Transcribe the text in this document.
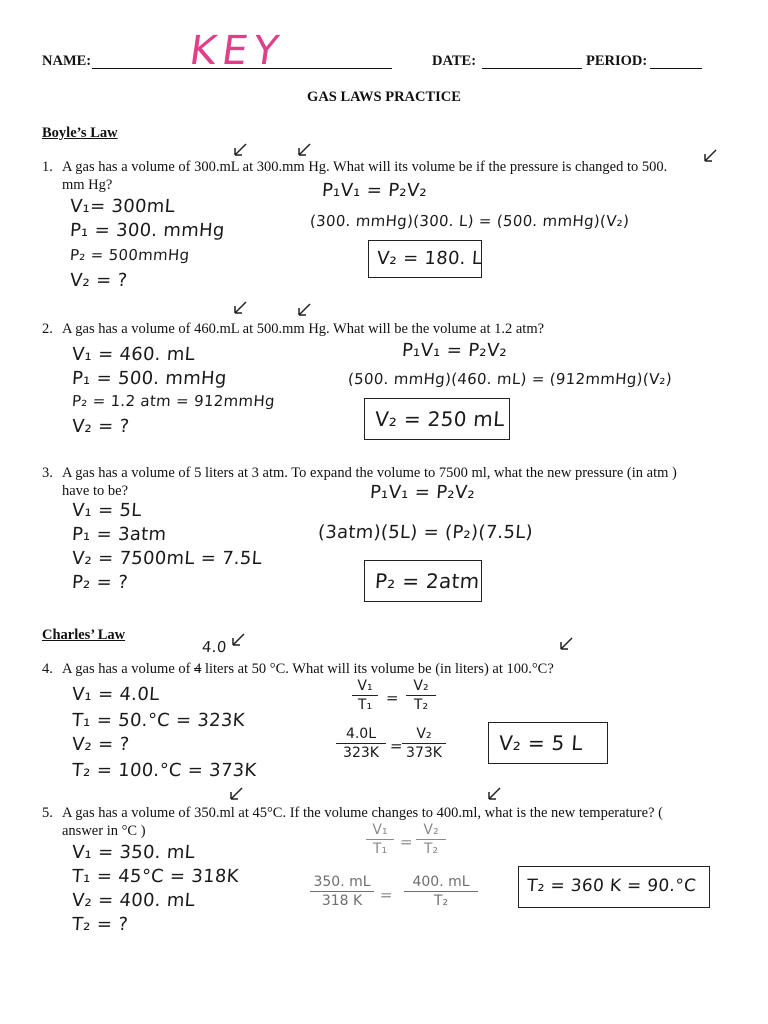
NAME: KEY	DATE:	PERIOD:
GAS LAWS PRACTICE
Boyle’s Law
1. A gas has a volume of 300.mL at 300.mm Hg. What will its volume be if the pressure is changed to 500.
mm Hg?
V₁= 300mL
P₁ = 300. mmHg
P₂ = 500mmHg
V₂ = ?
P₁V₁ = P₂V₂
(300. mmHg)(300. L) = (500. mmHg)(V₂)
V₂ = 180. L
2. A gas has a volume of 460.mL at 500.mm Hg. What will be the volume at 1.2 atm?
V₁ = 460. mL
P₁ = 500. mmHg
P₂ = 1.2 atm = 912mmHg
V₂ = ?
P₁V₁ = P₂V₂
(500. mmHg)(460. mL) = (912mmHg)(V₂)
V₂ = 250 mL
3. A gas has a volume of 5 liters at 3 atm. To expand the volume to 7500 ml, what the new pressure (in atm )
have to be?
V₁ = 5L
P₁ = 3atm
V₂ = 7500mL = 7.5L
P₂ = ?
P₁V₁ = P₂V₂
(3atm)(5L) = (P₂)(7.5L)
P₂ = 2atm
Charles’ Law
4. A gas has a volume of 4 liters at 50 °C. What will its volume be (in liters) at 100.°C?
4.0
V₁ = 4.0L
T₁ = 50.°C = 323K
V₂ = ?
T₂ = 100.°C = 373K
V₁
T₁ =
V₂
T₂
4.0L
323K =
V₂
373K	V₂ = 5 L
5. A gas has a volume of 350.ml at 45°C. If the volume changes to 400.ml, what is the new temperature? (
answer in °C )
V₁ = 350. mL
T₁ = 45°C = 318K
V₂ = 400. mL
T₂ = ?
V₁
T₁ =
V₂
T₂
350. mL
318 K	=
400. mL
T₂
T₂ = 360 K = 90.°C
